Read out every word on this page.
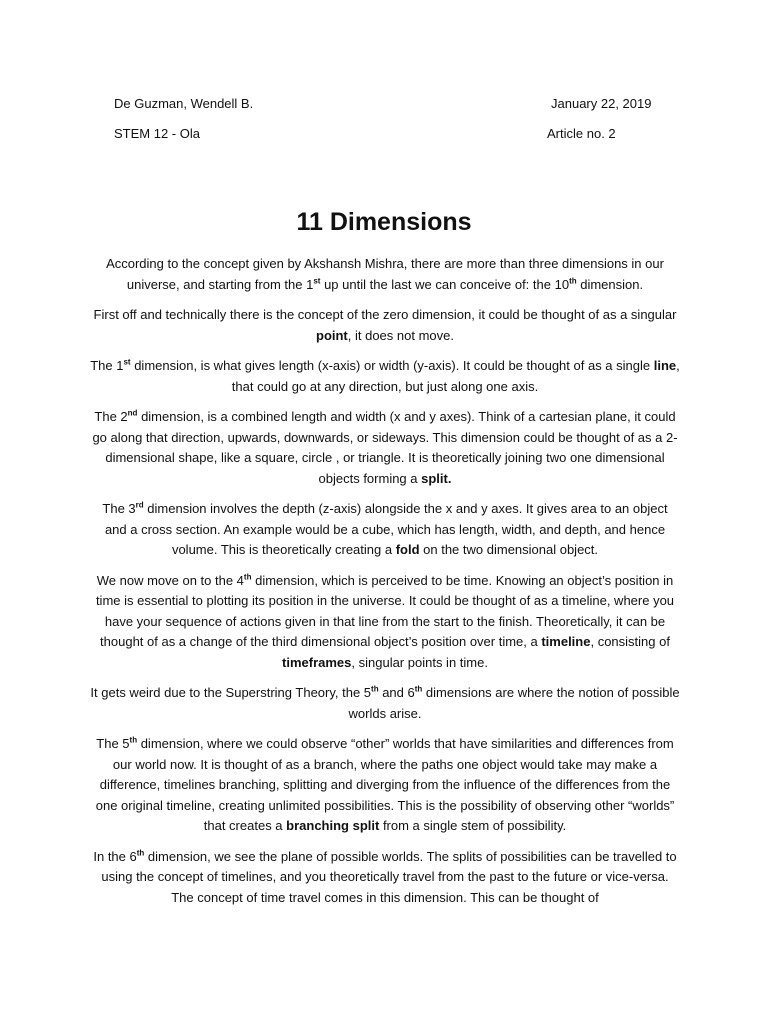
De Guzman, Wendell B.
STEM 12 - Ola
January 22, 2019
Article no. 2
11 Dimensions

According to the concept given by Akshansh Mishra, there are more than three dimensions in our universe, and starting from the 1st up until the last we can conceive of: the 10th dimension.

First off and technically there is the concept of the zero dimension, it could be thought of as a singular point, it does not move.

The 1st dimension, is what gives length (x-axis) or width (y-axis). It could be thought of as a single line, that could go at any direction, but just along one axis.

The 2nd dimension, is a combined length and width (x and y axes). Think of a cartesian plane, it could go along that direction, upwards, downwards, or sideways. This dimension could be thought of as a 2-dimensional shape, like a square, circle , or triangle. It is theoretically joining two one dimensional objects forming a split.

The 3rd dimension involves the depth (z-axis) alongside the x and y axes. It gives area to an object and a cross section. An example would be a cube, which has length, width, and depth, and hence volume. This is theoretically creating a fold on the two dimensional object.

We now move on to the 4th dimension, which is perceived to be time. Knowing an object’s position in time is essential to plotting its position in the universe. It could be thought of as a timeline, where you have your sequence of actions given in that line from the start to the finish. Theoretically, it can be thought of as a change of the third dimensional object’s position over time, a timeline, consisting of timeframes, singular points in time.

It gets weird due to the Superstring Theory, the 5th and 6th dimensions are where the notion of possible worlds arise.

The 5th dimension, where we could observe “other” worlds that have similarities and differences from our world now. It is thought of as a branch, where the paths one object would take may make a difference, timelines branching, splitting and diverging from the influence of the differences from the one original timeline, creating unlimited possibilities. This is the possibility of observing other “worlds” that creates a branching split from a single stem of possibility.

In the 6th dimension, we see the plane of possible worlds. The splits of possibilities can be travelled to using the concept of timelines, and you theoretically travel from the past to the future or vice-versa. The concept of time travel comes in this dimension. This can be thought of
